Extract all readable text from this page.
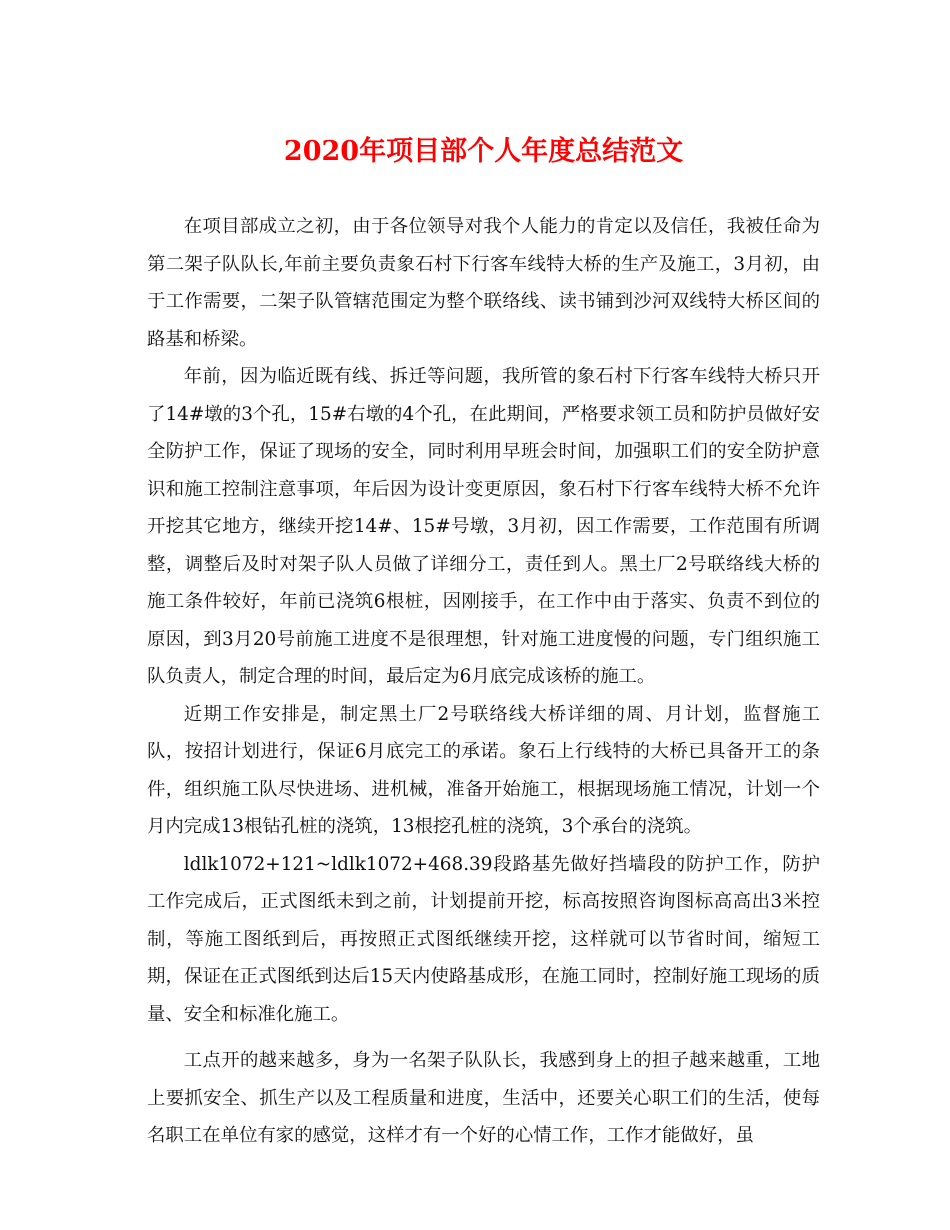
2020年项目部个人年度总结范文

在项目部成立之初，由于各位领导对我个人能力的肯定以及信任，我被任命为第二架子队队长,年前主要负责象石村下行客车线特大桥的生产及施工，3月初，由于工作需要，二架子队管辖范围定为整个联络线、读书铺到沙河双线特大桥区间的路基和桥梁。

年前，因为临近既有线、拆迁等问题，我所管的象石村下行客车线特大桥只开了14#墩的3个孔，15#右墩的4个孔，在此期间，严格要求领工员和防护员做好安全防护工作，保证了现场的安全，同时利用早班会时间，加强职工们的安全防护意识和施工控制注意事项，年后因为设计变更原因，象石村下行客车线特大桥不允许开挖其它地方，继续开挖14#、15#号墩，3月初，因工作需要，工作范围有所调整，调整后及时对架子队人员做了详细分工，责任到人。黑土厂2号联络线大桥的施工条件较好，年前已浇筑6根桩，因刚接手，在工作中由于落实、负责不到位的原因，到3月20号前施工进度不是很理想，针对施工进度慢的问题，专门组织施工队负责人，制定合理的时间，最后定为6月底完成该桥的施工。

近期工作安排是，制定黑土厂2号联络线大桥详细的周、月计划，监督施工队，按招计划进行，保证6月底完工的承诺。象石上行线特的大桥已具备开工的条件，组织施工队尽快进场、进机械，准备开始施工，根据现场施工情况，计划一个月内完成13根钻孔桩的浇筑，13根挖孔桩的浇筑，3个承台的浇筑。

ldlk1072+121~ldlk1072+468.39段路基先做好挡墙段的防护工作，防护工作完成后，正式图纸未到之前，计划提前开挖，标高按照咨询图标高高出3米控制，等施工图纸到后，再按照正式图纸继续开挖，这样就可以节省时间，缩短工期，保证在正式图纸到达后15天内使路基成形，在施工同时，控制好施工现场的质量、安全和标准化施工。

工点开的越来越多，身为一名架子队队长，我感到身上的担子越来越重，工地上要抓安全、抓生产以及工程质量和进度，生活中，还要关心职工们的生活，使每名职工在单位有家的感觉，这样才有一个好的心情工作，工作才能做好，虽
